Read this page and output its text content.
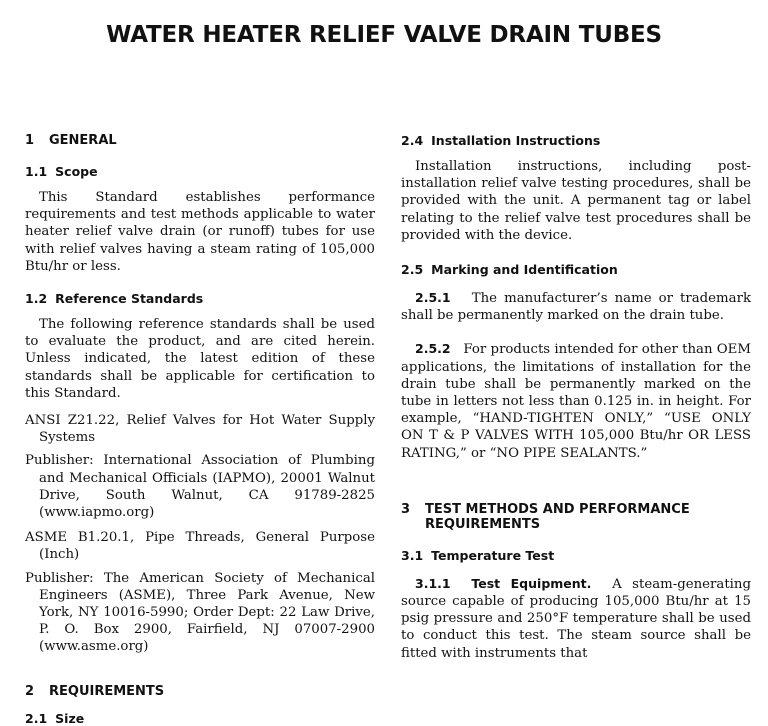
WATER HEATER RELIEF VALVE DRAIN TUBES
1 GENERAL
1.1 Scope

This Standard establishes performance requirements and test methods applicable to water heater relief valve drain (or runoff) tubes for use with relief valves having a steam rating of 105,000 Btu/hr or less.

1.2 Reference Standards

The following reference standards shall be used to evaluate the product, and are cited herein. Unless indicated, the latest edition of these standards shall be applicable for certification to this Standard.

ANSI Z21.22, Relief Valves for Hot Water Supply Systems

Publisher: International Association of Plumbing and Mechanical Officials (IAPMO), 20001 Walnut Drive, South Walnut, CA 91789-2825 (www.iapmo.org)

ASME B1.20.1, Pipe Threads, General Purpose (Inch)

Publisher: The American Society of Mechanical Engineers (ASME), Three Park Avenue, New York, NY 10016-5990; Order Dept: 22 Law Drive, P. O. Box 2900, Fairfield, NJ 07007-2900 (www.asme.org)

2 REQUIREMENTS
2.1 Size
2.4 Installation Instructions

Installation instructions, including post-installation relief valve testing procedures, shall be provided with the unit. A permanent tag or label relating to the relief valve test procedures shall be provided with the device.

2.5 Marking and Identification

2.5.1 The manufacturer’s name or trademark shall be permanently marked on the drain tube.

2.5.2 For products intended for other than OEM applications, the limitations of installation for the drain tube shall be permanently marked on the tube in letters not less than 0.125 in. in height. For example, “HAND-TIGHTEN ONLY,” “USE ONLY ON T & P VALVES WITH 105,000 Btu/hr OR LESS RATING,” or “NO PIPE SEALANTS.”

3	TEST METHODS AND PERFORMANCE REQUIREMENTS
3.1 Temperature Test

3.1.1 Test Equipment. A steam-generating source capable of producing 105,000 Btu/hr at 15 psig pressure and 250°F temperature shall be used to conduct this test. The steam source shall be fitted with instruments that
